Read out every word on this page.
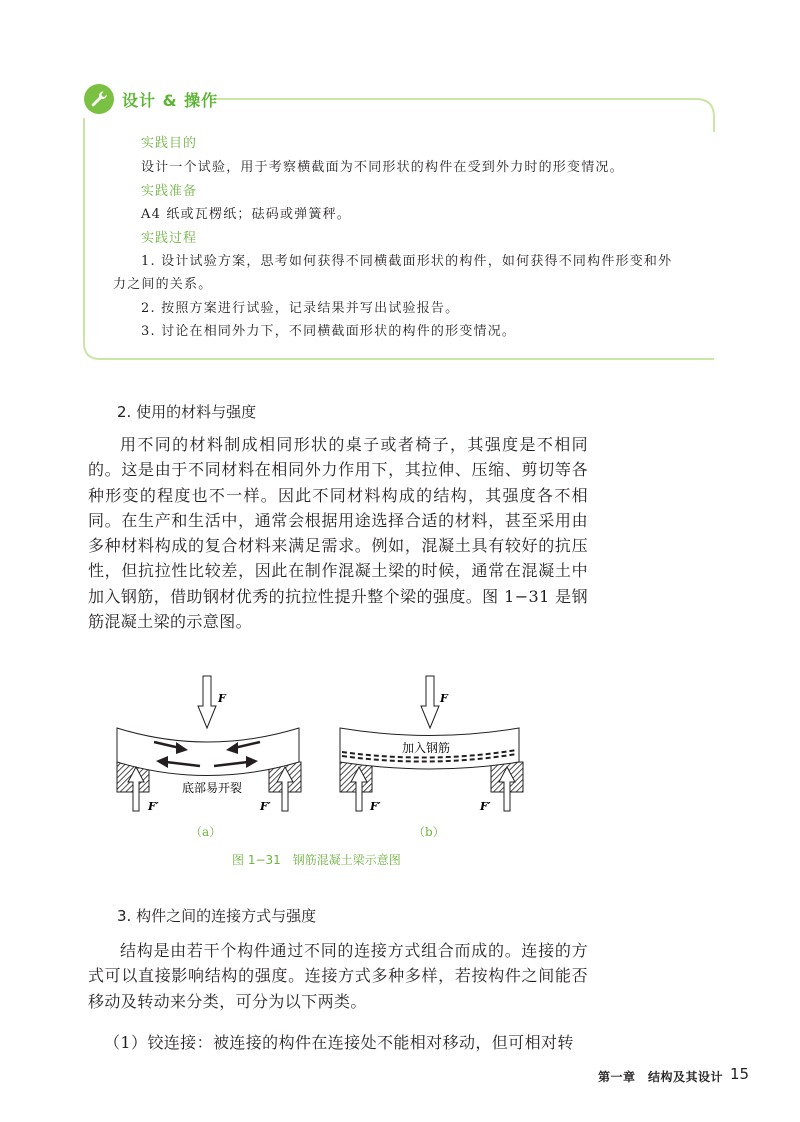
设计 & 操作
实践目的
设计一个试验，用于考察横截面为不同形状的构件在受到外力时的形变情况。
实践准备
A4 纸或瓦楞纸；砝码或弹簧秤。
实践过程
1. 设计试验方案，思考如何获得不同横截面形状的构件，如何获得不同构件形变和外
力之间的关系。
2. 按照方案进行试验，记录结果并写出试验报告。
3. 讨论在相同外力下，不同横截面形状的构件的形变情况。
2. 使用的材料与强度

用不同的材料制成相同形状的桌子或者椅子，其强度是不相同的。这是由于不同材料在相同外力作用下，其拉伸、压缩、剪切等各种形变的程度也不一样。因此不同材料构成的结构，其强度各不相同。在生产和生活中，通常会根据用途选择合适的材料，甚至采用由多种材料构成的复合材料来满足需求。例如，混凝土具有较好的抗压性，但抗拉性比较差，因此在制作混凝土梁的时候，通常在混凝土中加入钢筋，借助钢材优秀的抗拉性提升整个梁的强度。图 1−31 是钢筋混凝土梁的示意图。

F	F
F′	F′	F′	F′
底部易开裂
加入钢筋
（a）	（b）
图 1−31　钢筋混凝土梁示意图
3. 构件之间的连接方式与强度

结构是由若干个构件通过不同的连接方式组合而成的。连接的方式可以直接影响结构的强度。连接方式多种多样，若按构件之间能否移动及转动来分类，可分为以下两类。

（1）铰连接：被连接的构件在连接处不能相对移动，但可相对转
第一章　结构及其设计 15
